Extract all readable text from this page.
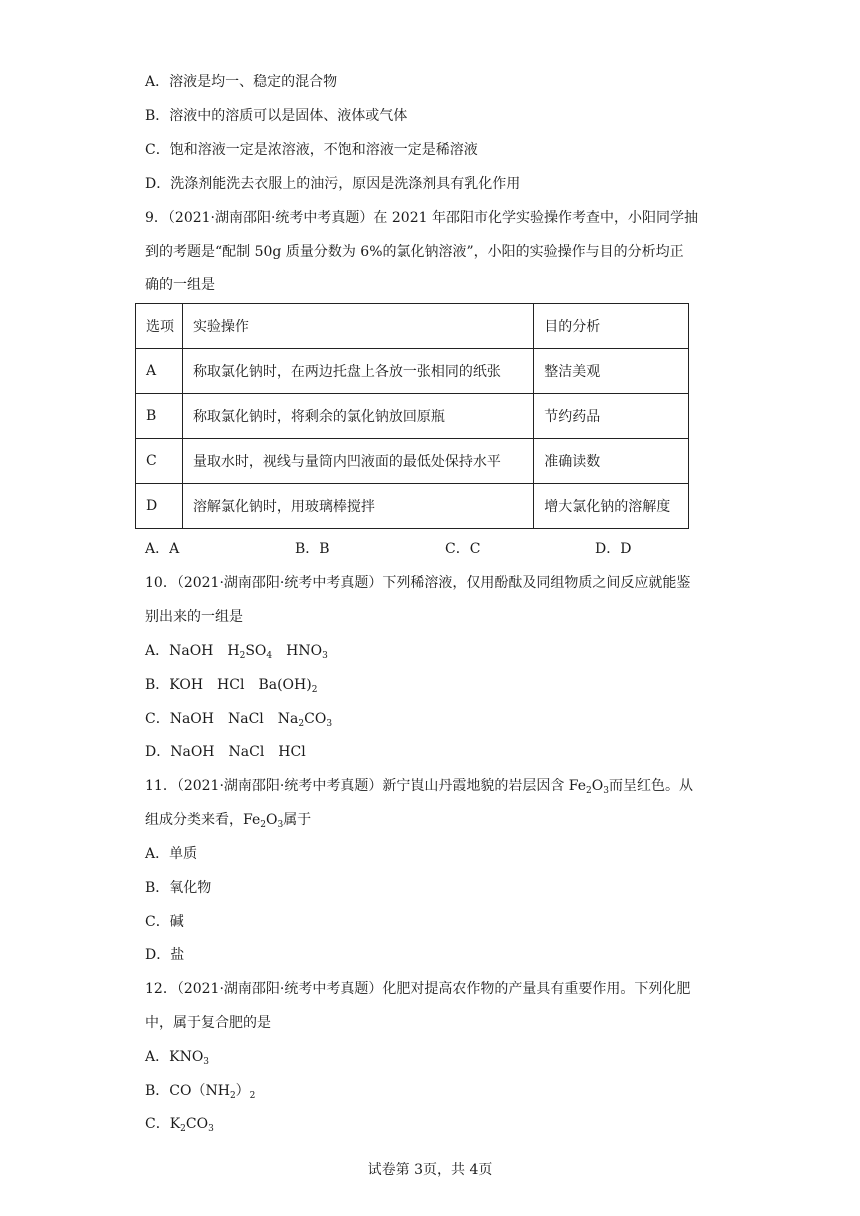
A．溶液是均一、稳定的混合物
B．溶液中的溶质可以是固体、液体或气体
C．饱和溶液一定是浓溶液，不饱和溶液一定是稀溶液
D．洗涤剂能洗去衣服上的油污，原因是洗涤剂具有乳化作用
9．（2021·湖南邵阳·统考中考真题）在 2021 年邵阳市化学实验操作考查中，小阳同学抽
到的考题是“配制 50g 质量分数为 6%的氯化钠溶液”，小阳的实验操作与目的分析均正
确的一组是
选项	实验操作	目的分析
A	称取氯化钠时，在两边托盘上各放一张相同的纸张	整洁美观
B	称取氯化钠时，将剩余的氯化钠放回原瓶	节约药品
C	量取水时，视线与量筒内凹液面的最低处保持水平	准确读数
D	溶解氯化钠时，用玻璃棒搅拌	增大氯化钠的溶解度
A．A	B．B	C．C	D．D
10．（2021·湖南邵阳·统考中考真题）下列稀溶液，仅用酚酞及同组物质之间反应就能鉴
别出来的一组是
A．NaOH　$H_2SO_4$　$HNO_3$
B．KOH　HCl　$Ba(OH)_2$
C．NaOH　NaCl　$Na_2CO_3$
D．NaOH　NaCl　HCl
11．（2021·湖南邵阳·统考中考真题）新宁崀山丹霞地貌的岩层因含 $Fe_2O_3$而呈红色。从
组成分类来看，$Fe_2O_3$属于
A．单质
B．氧化物
C．碱
D．盐
12．（2021·湖南邵阳·统考中考真题）化肥对提高农作物的产量具有重要作用。下列化肥
中，属于复合肥的是
A．$KNO_3$
B．$CO(NH_2)_2$
C．$K_2CO_3$
试卷第 3页，共 4页
